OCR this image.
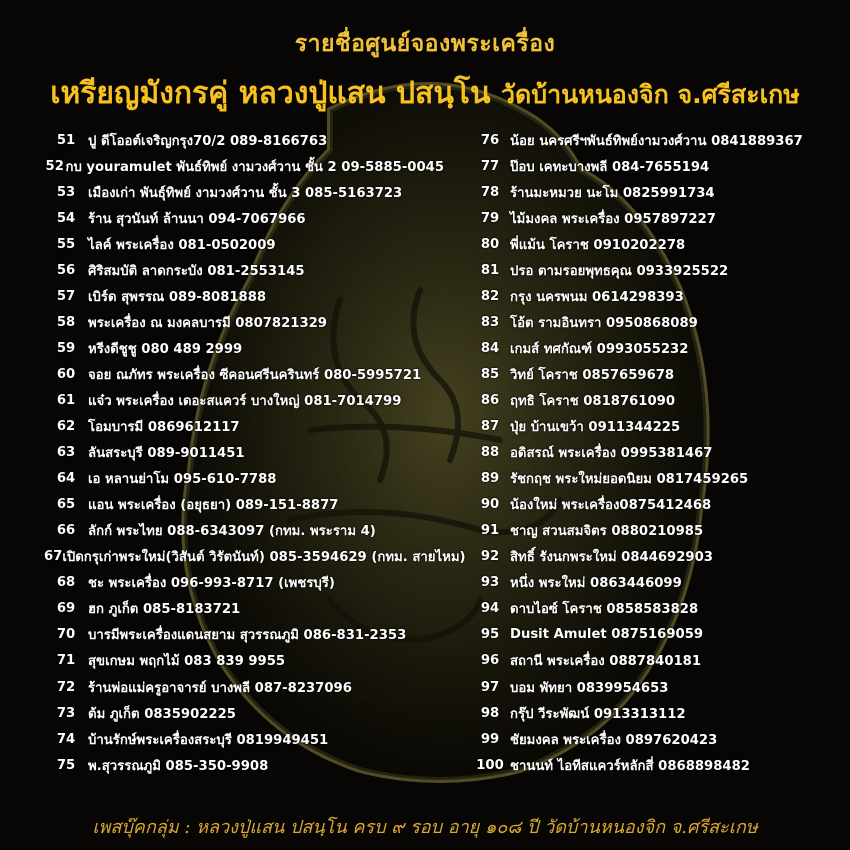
รายชื่อศูนย์จองพระเครื่อง
เหรียญมังกรคู่ หลวงปู่แสน ปสนฺโน วัดบ้านหนองจิก จ.ศรีสะเกษ
51 ปู ดีโออต์เจริญกรุง70/2 089-8166763
52 กบ youramulet พันธ์ทิพย์ งามวงศ์วาน ชั้น 2 09-5885-0045
53 เมืองเก่า พันธุ์ทิพย์ งามวงศ์วาน ชั้น 3 085-5163723
54 ร้าน สุวนันท์ ล้านนา 094-7067966
55 ไลค์ พระเครื่อง 081-0502009
56 ศิริสมบัติ ลาดกระบัง 081-2553145
57 เบิร์ด สุพรรณ 089-8081888
58 พระเครื่อง ณ มงคลบารมี 0807821329
59 หรีงดีชูชู 080 489 2999
60 จอย ณภัทร พระเครื่อง ซีคอนศรีนครินทร์ 080-5995721
61 แจ๋ว พระเครื่อง เดอะสแควร์ บางใหญ่ 081-7014799
62 โอมบารมี 0869612117
63 ลันสระบุรี 089-9011451
64 เอ หลานย่าโม 095-610-7788
65 แอน พระเครื่อง (อยุธยา) 089-151-8877
66 ลักก์ พระไทย 088-6343097 (กทม. พระราม 4)
67 เปิดกรุเก่าพระใหม่(วิสันต์ วิรัตนันท์) 085-3594629 (กทม. สายไหม)
68 ชะ พระเครื่อง 096-993-8717 (เพชรบุรี)
69 ฮก ภูเก็ต 085-8183721
70 บารมีพระเครื่องแดนสยาม สุวรรณภูมิ 086-831-2353
71 สุขเกษม พฤกไม้ 083 839 9955
72 ร้านพ่อแม่ครูอาจารย์ บางพลี 087-8237096
73 ต้ม ภูเก็ต 0835902225
74 บ้านรักษ์พระเครื่องสระบุรี 0819949451
75 พ.สุวรรณภูมิ 085-350-9908
76 น้อย นครศรีฯพันธ์ทิพย์งามวงศ์วาน 0841889367
77 ป๊อบ เคทะบางพลี 084-7655194
78 ร้านมะหมวย นะโม 0825991734
79 ไม้มงคล พระเครื่อง 0957897227
80 พี่แม้น โคราช 0910202278
81 ปรอ ตามรอยพุทธคุณ 0933925522
82 กรุง นครพนม 0614298393
83 โอ้ต รามอินทรา 0950868089
84 เกมส์ ทศกัณฑ์ 0993055232
85 วิทย์ โคราช 0857659678
86 ฤทธิ โคราช 0818761090
87 ปุ่ย บ้านเขว้า 0911344225
88 อดิสรณ์ พระเครื่อง 0995381467
89 รัชกฤช พระใหม่ยอดนิยม 0817459265
90 น้องใหม่ พระเครื่อง0875412468
91 ชาญ สวนสมจิตร 0880210985
92 สิทธิ์ รังนกพระใหม่ 0844692903
93 หนึ่ง พระใหม่ 0863446099
94 ดาบไอซ์ โคราช 0858583828
95 Dusit Amulet 0875169059
96 สถานี พระเครื่อง 0887840181
97 บอม พัทยา 0839954653
98 กรุ๊ป วีระพัฒน์ 0913313112
99 ชัยมงคล พระเครื่อง 0897620423
100 ชานนท์ ไอทีสแควร์หลักสี่ 0868898482
เพสบุ๊คกลุ่ม : หลวงปู่แสน ปสนฺโน ครบ ๙ รอบ อายุ ๑๐๘ ปี วัดบ้านหนองจิก จ.ศรีสะเกษ
